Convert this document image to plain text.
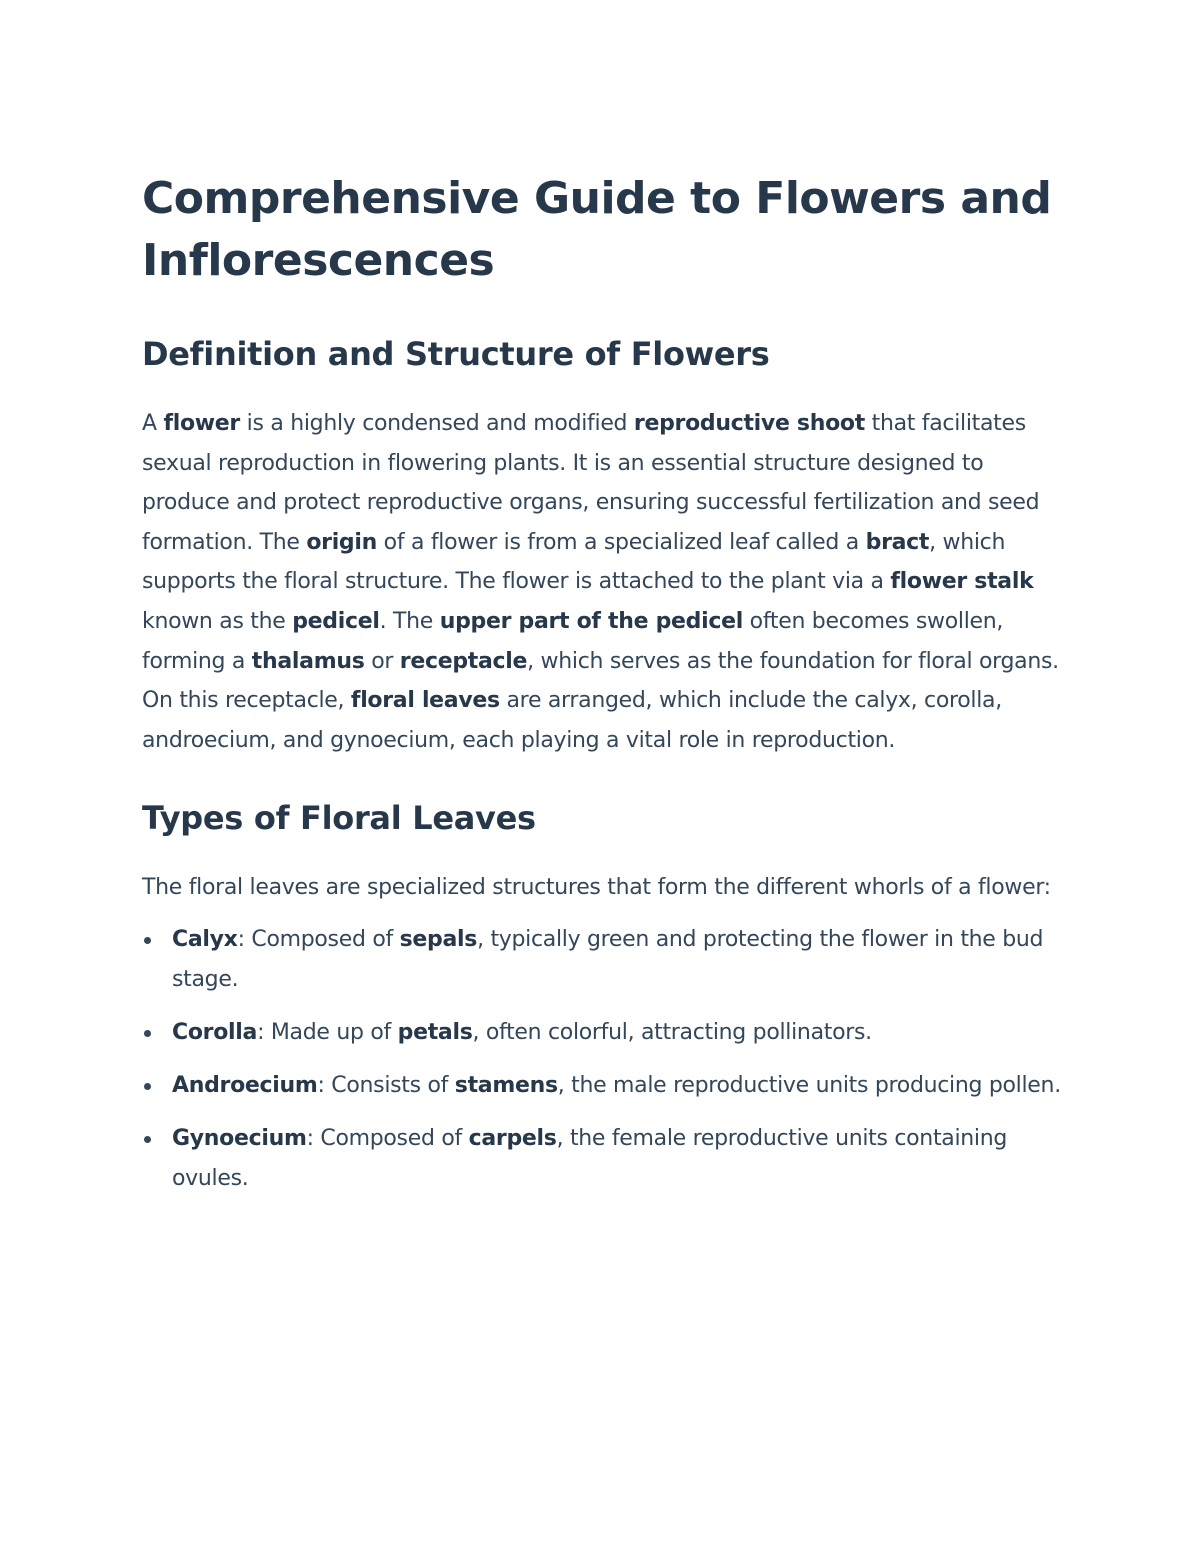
Comprehensive Guide to Flowers and Inflorescences
Definition and Structure of Flowers

A flower is a highly condensed and modified reproductive shoot that facilitates sexual reproduction in flowering plants. It is an essential structure designed to produce and protect reproductive organs, ensuring successful fertilization and seed formation. The origin of a flower is from a specialized leaf called a bract, which supports the floral structure. The flower is attached to the plant via a flower stalk known as the pedicel. The upper part of the pedicel often becomes swollen, forming a thalamus or receptacle, which serves as the foundation for floral organs. On this receptacle, floral leaves are arranged, which include the calyx, corolla, androecium, and gynoecium, each playing a vital role in reproduction.

Types of Floral Leaves

The floral leaves are specialized structures that form the different whorls of a flower:

Calyx: Composed of sepals, typically green and protecting the flower in the bud stage.
Corolla: Made up of petals, often colorful, attracting pollinators.
Androecium: Consists of stamens, the male reproductive units producing pollen.
Gynoecium: Composed of carpels, the female reproductive units containing ovules.
